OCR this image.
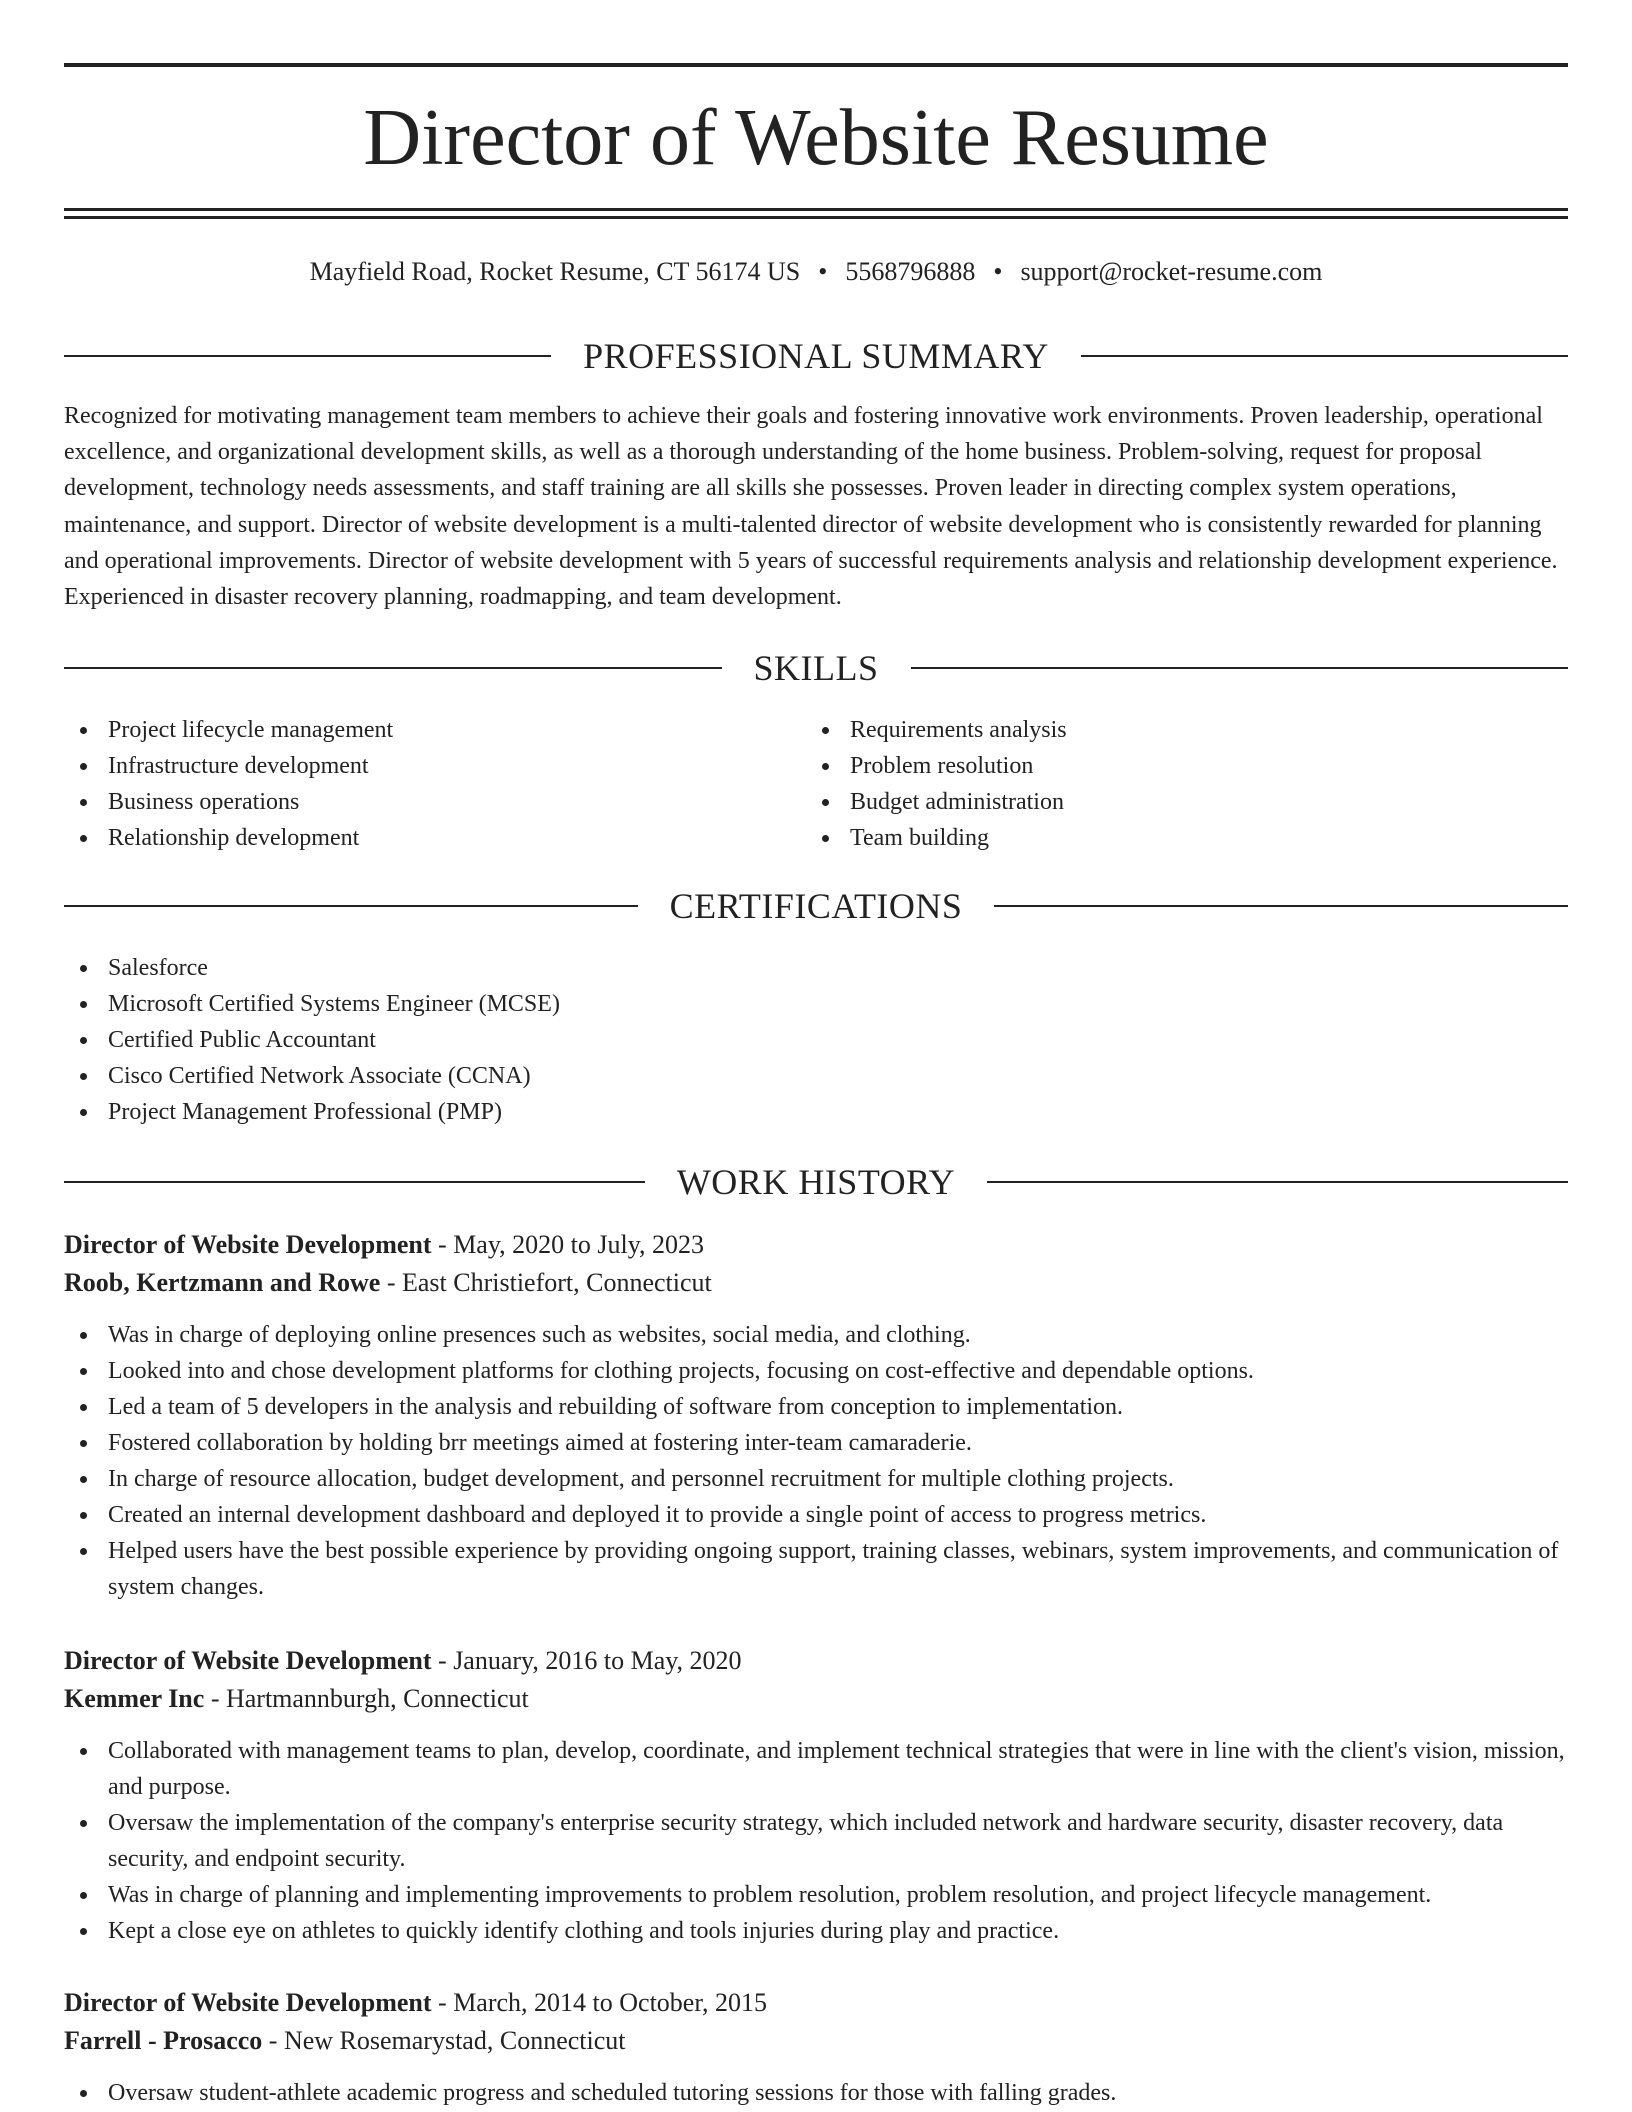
Director of Website Resume
Mayfield Road, Rocket Resume, CT 56174 US • 5568796888 • support@rocket-resume.com
PROFESSIONAL SUMMARY

Recognized for motivating management team members to achieve their goals and fostering innovative work environments. Proven leadership, operational excellence, and organizational development skills, as well as a thorough understanding of the home business. Problem-solving, request for proposal development, technology needs assessments, and staff training are all skills she possesses. Proven leader in directing complex system operations, maintenance, and support. Director of website development is a multi-talented director of website development who is consistently rewarded for planning and operational improvements. Director of website development with 5 years of successful requirements analysis and relationship development experience. Experienced in disaster recovery planning, roadmapping, and team development.

SKILLS
Project lifecycle management
Infrastructure development
Business operations
Relationship development
Requirements analysis
Problem resolution
Budget administration
Team building
CERTIFICATIONS
Salesforce
Microsoft Certified Systems Engineer (MCSE)
Certified Public Accountant
Cisco Certified Network Associate (CCNA)
Project Management Professional (PMP)
WORK HISTORY
Director of Website Development - May, 2020 to July, 2023
Roob, Kertzmann and Rowe - East Christiefort, Connecticut
Was in charge of deploying online presences such as websites, social media, and clothing.
Looked into and chose development platforms for clothing projects, focusing on cost-effective and dependable options.
Led a team of 5 developers in the analysis and rebuilding of software from conception to implementation.
Fostered collaboration by holding brr meetings aimed at fostering inter-team camaraderie.
In charge of resource allocation, budget development, and personnel recruitment for multiple clothing projects.
Created an internal development dashboard and deployed it to provide a single point of access to progress metrics.
Helped users have the best possible experience by providing ongoing support, training classes, webinars, system improvements, and communication of system changes.
Director of Website Development - January, 2016 to May, 2020
Kemmer Inc - Hartmannburgh, Connecticut
Collaborated with management teams to plan, develop, coordinate, and implement technical strategies that were in line with the client's vision, mission, and purpose.
Oversaw the implementation of the company's enterprise security strategy, which included network and hardware security, disaster recovery, data security, and endpoint security.
Was in charge of planning and implementing improvements to problem resolution, problem resolution, and project lifecycle management.
Kept a close eye on athletes to quickly identify clothing and tools injuries during play and practice.
Director of Website Development - March, 2014 to October, 2015
Farrell - Prosacco - New Rosemarystad, Connecticut
Oversaw student-athlete academic progress and scheduled tutoring sessions for those with falling grades.
